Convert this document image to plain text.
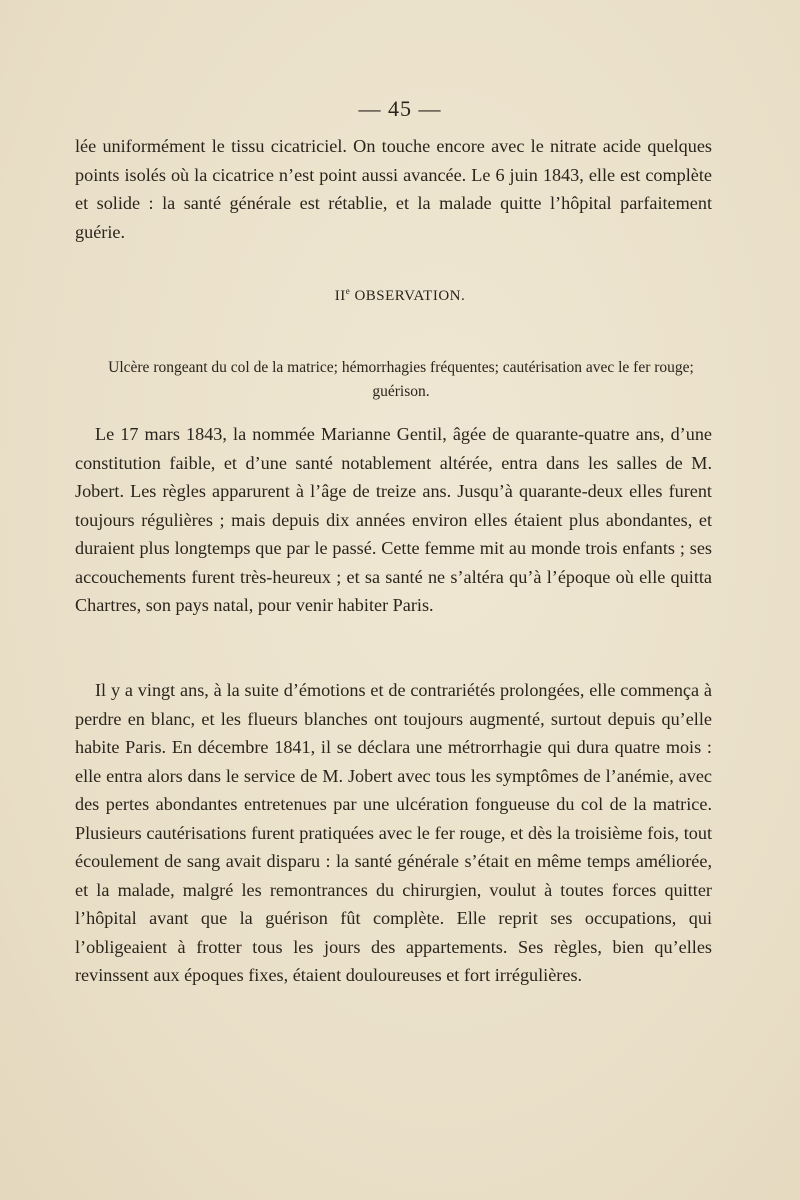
— 45 —

lée uniformément le tissu cicatriciel. On touche encore avec le nitrate acide quelques points isolés où la cicatrice n’est point aussi avancée. Le 6 juin 1843, elle est complète et solide : la santé générale est rétablie, et la malade quitte l’hôpital parfaitement guérie.

IIe OBSERVATION.

Ulcère rongeant du col de la matrice; hémorrhagies fréquentes; cautérisation avec le fer rouge; guérison.

Le 17 mars 1843, la nommée Marianne Gentil, âgée de quarante-quatre ans, d’une constitution faible, et d’une santé notablement altérée, entra dans les salles de M. Jobert. Les règles apparurent à l’âge de treize ans. Jusqu’à quarante-deux elles furent toujours régulières ; mais depuis dix années environ elles étaient plus abondantes, et duraient plus longtemps que par le passé. Cette femme mit au monde trois enfants ; ses accouchements furent très-heureux ; et sa santé ne s’altéra qu’à l’époque où elle quitta Chartres, son pays natal, pour venir habiter Paris.

Il y a vingt ans, à la suite d’émotions et de contrariétés prolongées, elle commença à perdre en blanc, et les flueurs blanches ont toujours augmenté, surtout depuis qu’elle habite Paris. En décembre 1841, il se déclara une métrorrhagie qui dura quatre mois : elle entra alors dans le service de M. Jobert avec tous les symptômes de l’anémie, avec des pertes abondantes entretenues par une ulcération fongueuse du col de la matrice. Plusieurs cautérisations furent pratiquées avec le fer rouge, et dès la troisième fois, tout écoulement de sang avait disparu : la santé générale s’était en même temps améliorée, et la malade, malgré les remontrances du chirurgien, voulut à toutes forces quitter l’hôpital avant que la guérison fût complète. Elle reprit ses occupations, qui l’obligeaient à frotter tous les jours des appartements. Ses règles, bien qu’elles revinssent aux époques fixes, étaient douloureuses et fort irrégulières.
